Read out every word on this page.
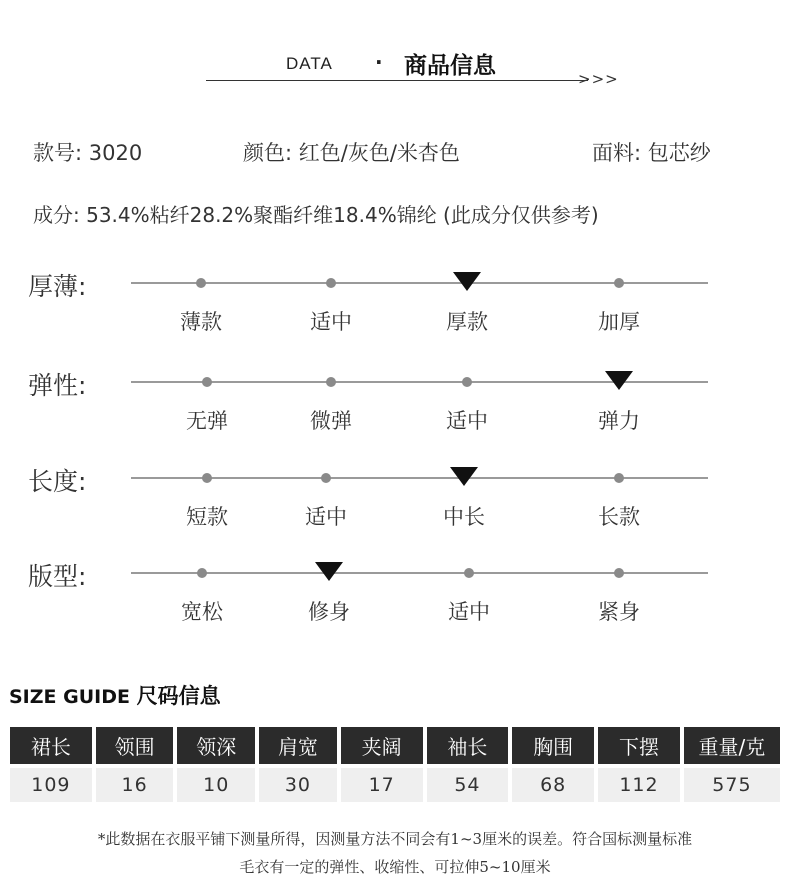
DATA · 商品信息	>>>
款号: 3020	颜色: 红色/灰色/米杏色	面料: 包芯纱
成分: 53.4%粘纤28.2%聚酯纤维18.4%锦纶 (此成分仅供参考)
厚薄:
薄款	适中	厚款	加厚
弹性:
无弹	微弹	适中	弹力
长度:
短款	适中	中长	长款
版型:
宽松	修身	适中	紧身
SIZE GUIDE 尺码信息
裙长	领围	领深	肩宽	夹阔	袖长	胸围	下摆	重量/克

109	16	10	30	17	54	68	112	575
*此数据在衣服平铺下测量所得，因测量方法不同会有1~3厘米的误差。符合国标测量标准
毛衣有一定的弹性、收缩性、可拉伸5~10厘米
